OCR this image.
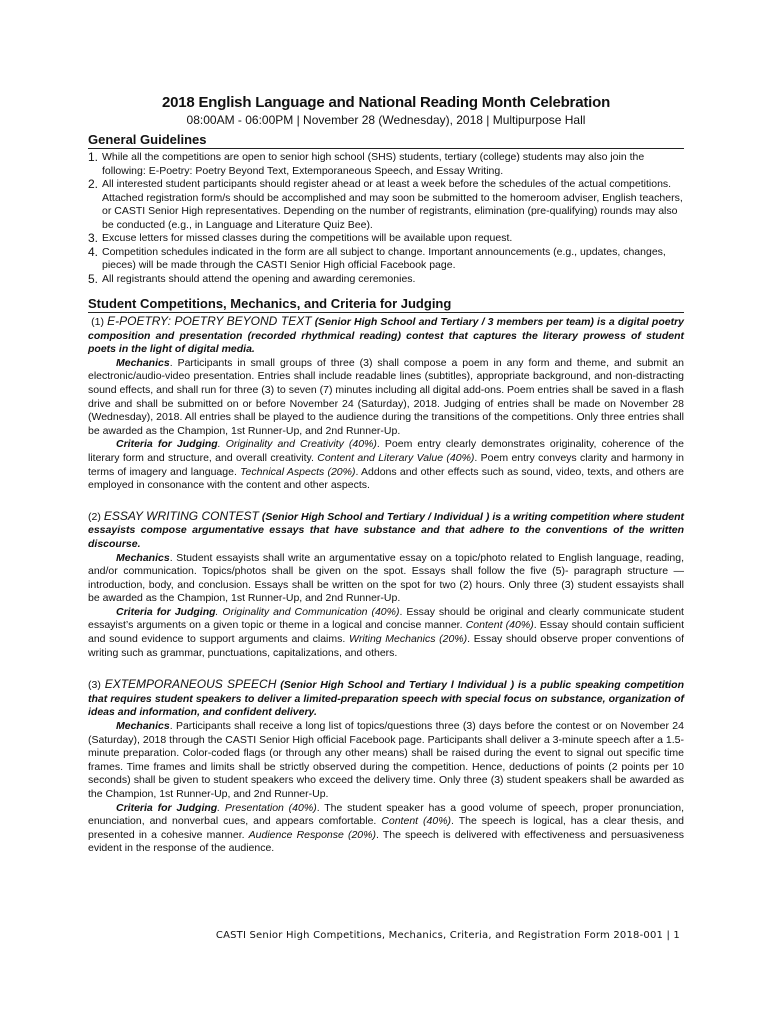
2018 English Language and National Reading Month Celebration

08:00AM - 06:00PM | November 28 (Wednesday), 2018 | Multipurpose Hall

General Guidelines
1. While all the competitions are open to senior high school (SHS) students, tertiary (college) students may also join the following: E-Poetry: Poetry Beyond Text, Extemporaneous Speech, and Essay Writing.
2. All interested student participants should register ahead or at least a week before the schedules of the actual competitions. Attached registration form/s should be accomplished and may soon be submitted to the homeroom adviser, English teachers, or CASTI Senior High representatives. Depending on the number of registrants, elimination (pre-qualifying) rounds may also be conducted (e.g., in Language and Literature Quiz Bee).
3. Excuse letters for missed classes during the competitions will be available upon request.
4. Competition schedules indicated in the form are all subject to change. Important announcements (e.g., updates, changes, pieces) will be made through the CASTI Senior High official Facebook page.
5. All registrants should attend the opening and awarding ceremonies.
Student Competitions, Mechanics, and Criteria for Judging

(1) E-POETRY: POETRY BEYOND TEXT (Senior High School and Tertiary / 3 members per team) is a digital poetry composition and presentation (recorded rhythmical reading) contest that captures the literary prowess of student poets in the light of digital media.

Mechanics. Participants in small groups of three (3) shall compose a poem in any form and theme, and submit an electronic/audio-video presentation. Entries shall include readable lines (subtitles), appropriate background, and non-distracting sound effects, and shall run for three (3) to seven (7) minutes including all digital add-ons. Poem entries shall be saved in a flash drive and shall be submitted on or before November 24 (Saturday), 2018. Judging of entries shall be made on November 28 (Wednesday), 2018. All entries shall be played to the audience during the transitions of the competitions. Only three entries shall be awarded as the Champion, 1st Runner-Up, and 2nd Runner-Up.

Criteria for Judging. Originality and Creativity (40%). Poem entry clearly demonstrates originality, coherence of the literary form and structure, and overall creativity. Content and Literary Value (40%). Poem entry conveys clarity and harmony in terms of imagery and language. Technical Aspects (20%). Addons and other effects such as sound, video, texts, and others are employed in consonance with the content and other aspects.

(2) ESSAY WRITING CONTEST (Senior High School and Tertiary / Individual ) is a writing competition where student essayists compose argumentative essays that have substance and that adhere to the conventions of the written discourse.

Mechanics. Student essayists shall write an argumentative essay on a topic/photo related to English language, reading, and/or communication. Topics/photos shall be given on the spot. Essays shall follow the five (5)- paragraph structure — introduction, body, and conclusion. Essays shall be written on the spot for two (2) hours. Only three (3) student essayists shall be awarded as the Champion, 1st Runner-Up, and 2nd Runner-Up.

Criteria for Judging. Originality and Communication (40%). Essay should be original and clearly communicate student essayist’s arguments on a given topic or theme in a logical and concise manner. Content (40%). Essay should contain sufficient and sound evidence to support arguments and claims. Writing Mechanics (20%). Essay should observe proper conventions of writing such as grammar, punctuations, capitalizations, and others.

(3) EXTEMPORANEOUS SPEECH (Senior High School and Tertiary l Individual ) is a public speaking competition that requires student speakers to deliver a limited-preparation speech with special focus on substance, organization of ideas and information, and confident delivery.

Mechanics. Participants shall receive a long list of topics/questions three (3) days before the contest or on November 24 (Saturday), 2018 through the CASTI Senior High official Facebook page. Participants shall deliver a 3-minute speech after a 1.5-minute preparation. Color-coded flags (or through any other means) shall be raised during the event to signal out specific time frames. Time frames and limits shall be strictly observed during the competition. Hence, deductions of points (2 points per 10 seconds) shall be given to student speakers who exceed the delivery time. Only three (3) student speakers shall be awarded as the Champion, 1st Runner-Up, and 2nd Runner-Up.

Criteria for Judging. Presentation (40%). The student speaker has a good volume of speech, proper pronunciation, enunciation, and nonverbal cues, and appears comfortable. Content (40%). The speech is logical, has a clear thesis, and presented in a cohesive manner. Audience Response (20%). The speech is delivered with effectiveness and persuasiveness evident in the response of the audience.

CASTI Senior High Competitions, Mechanics, Criteria, and Registration Form 2018-001 | 1
